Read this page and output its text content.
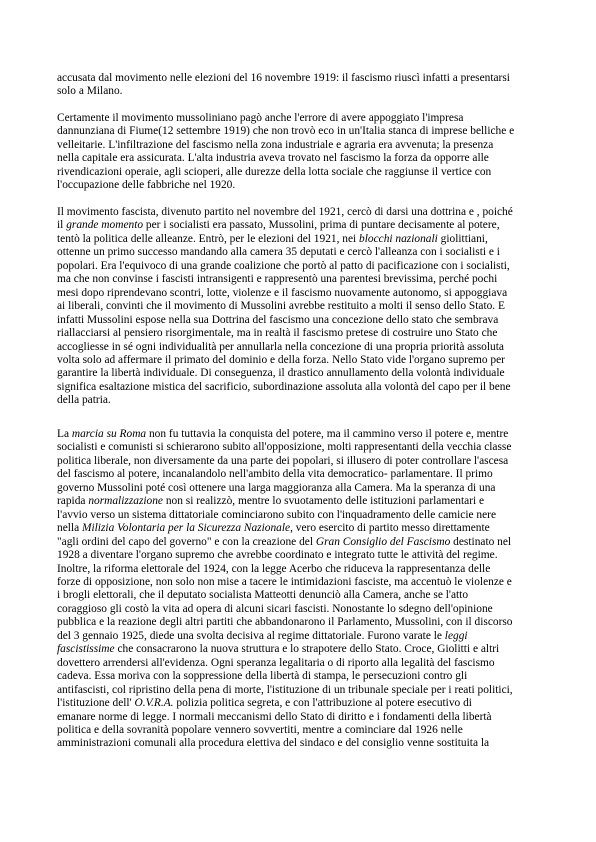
accusata dal movimento nelle elezioni del 16 novembre 1919: il fascismo riuscì infatti a presentarsi
solo a Milano.
Certamente il movimento mussoliniano pagò anche l'errore di avere appoggiato l'impresa
dannunziana di Fiume(12 settembre 1919) che non trovò eco in un'Italia stanca di imprese belliche e
velleitarie. L'infiltrazione del fascismo nella zona industriale e agraria era avvenuta; la presenza
nella capitale era assicurata. L'alta industria aveva trovato nel fascismo la forza da opporre alle
rivendicazioni operaie, agli scioperi, alle durezze della lotta sociale che raggiunse il vertice con
l'occupazione delle fabbriche nel 1920.
Il movimento fascista, divenuto partito nel novembre del 1921, cercò di darsi una dottrina e , poiché
il grande momento per i socialisti era passato, Mussolini, prima di puntare decisamente al potere,
tentò la politica delle alleanze. Entrò, per le elezioni del 1921, nei blocchi nazionali giolittiani,
ottenne un primo successo mandando alla camera 35 deputati e cercò l'alleanza con i socialisti e i
popolari. Era l'equivoco di una grande coalizione che portò al patto di pacificazione con i socialisti,
ma che non convinse i fascisti intransigenti e rappresentò una parentesi brevissima, perché pochi
mesi dopo riprendevano scontri, lotte, violenze e il fascismo nuovamente autonomo, si appoggiava
ai liberali, convinti che il movimento di Mussolini avrebbe restituito a molti il senso dello Stato. E
infatti Mussolini espose nella sua Dottrina del fascismo una concezione dello stato che sembrava
riallacciarsi al pensiero risorgimentale, ma in realtà il fascismo pretese di costruire uno Stato che
accogliesse in sé ogni individualità per annullarla nella concezione di una propria priorità assoluta
volta solo ad affermare il primato del dominio e della forza. Nello Stato vide l'organo supremo per
garantire la libertà individuale. Di conseguenza, il drastico annullamento della volontà individuale
significa esaltazione mistica del sacrificio, subordinazione assoluta alla volontà del capo per il bene
della patria.
La marcia su Roma non fu tuttavia la conquista del potere, ma il cammino verso il potere e, mentre
socialisti e comunisti si schierarono subito all'opposizione, molti rappresentanti della vecchia classe
politica liberale, non diversamente da una parte dei popolari, si illusero di poter controllare l'ascesa
del fascismo al potere, incanalandolo nell'ambito della vita democratico- parlamentare. Il primo
governo Mussolini poté così ottenere una larga maggioranza alla Camera. Ma la speranza di una
rapida normalizzazione non si realizzò, mentre lo svuotamento delle istituzioni parlamentari e
l'avvio verso un sistema dittatoriale cominciarono subito con l'inquadramento delle camicie nere
nella Milizia Volontaria per la Sicurezza Nazionale, vero esercito di partito messo direttamente
"agli ordini del capo del governo" e con la creazione del Gran Consiglio del Fascismo destinato nel
1928 a diventare l'organo supremo che avrebbe coordinato e integrato tutte le attività del regime.
Inoltre, la riforma elettorale del 1924, con la legge Acerbo che riduceva la rappresentanza delle
forze di opposizione, non solo non mise a tacere le intimidazioni fasciste, ma accentuò le violenze e
i brogli elettorali, che il deputato socialista Matteotti denunciò alla Camera, anche se l'atto
coraggioso gli costò la vita ad opera di alcuni sicari fascisti. Nonostante lo sdegno dell'opinione
pubblica e la reazione degli altri partiti che abbandonarono il Parlamento, Mussolini, con il discorso
del 3 gennaio 1925, diede una svolta decisiva al regime dittatoriale. Furono varate le leggi
fascistissime che consacrarono la nuova struttura e lo strapotere dello Stato. Croce, Giolitti e altri
dovettero arrendersi all'evidenza. Ogni speranza legalitaria o di riporto alla legalità del fascismo
cadeva. Essa moriva con la soppressione della libertà di stampa, le persecuzioni contro gli
antifascisti, col ripristino della pena di morte, l'istituzione di un tribunale speciale per i reati politici,
l'istituzione dell' O.V.R.A. polizia politica segreta, e con l'attribuzione al potere esecutivo di
emanare norme di legge. I normali meccanismi dello Stato di diritto e i fondamenti della libertà
politica e della sovranità popolare vennero sovvertiti, mentre a cominciare dal 1926 nelle
amministrazioni comunali alla procedura elettiva del sindaco e del consiglio venne sostituita la
